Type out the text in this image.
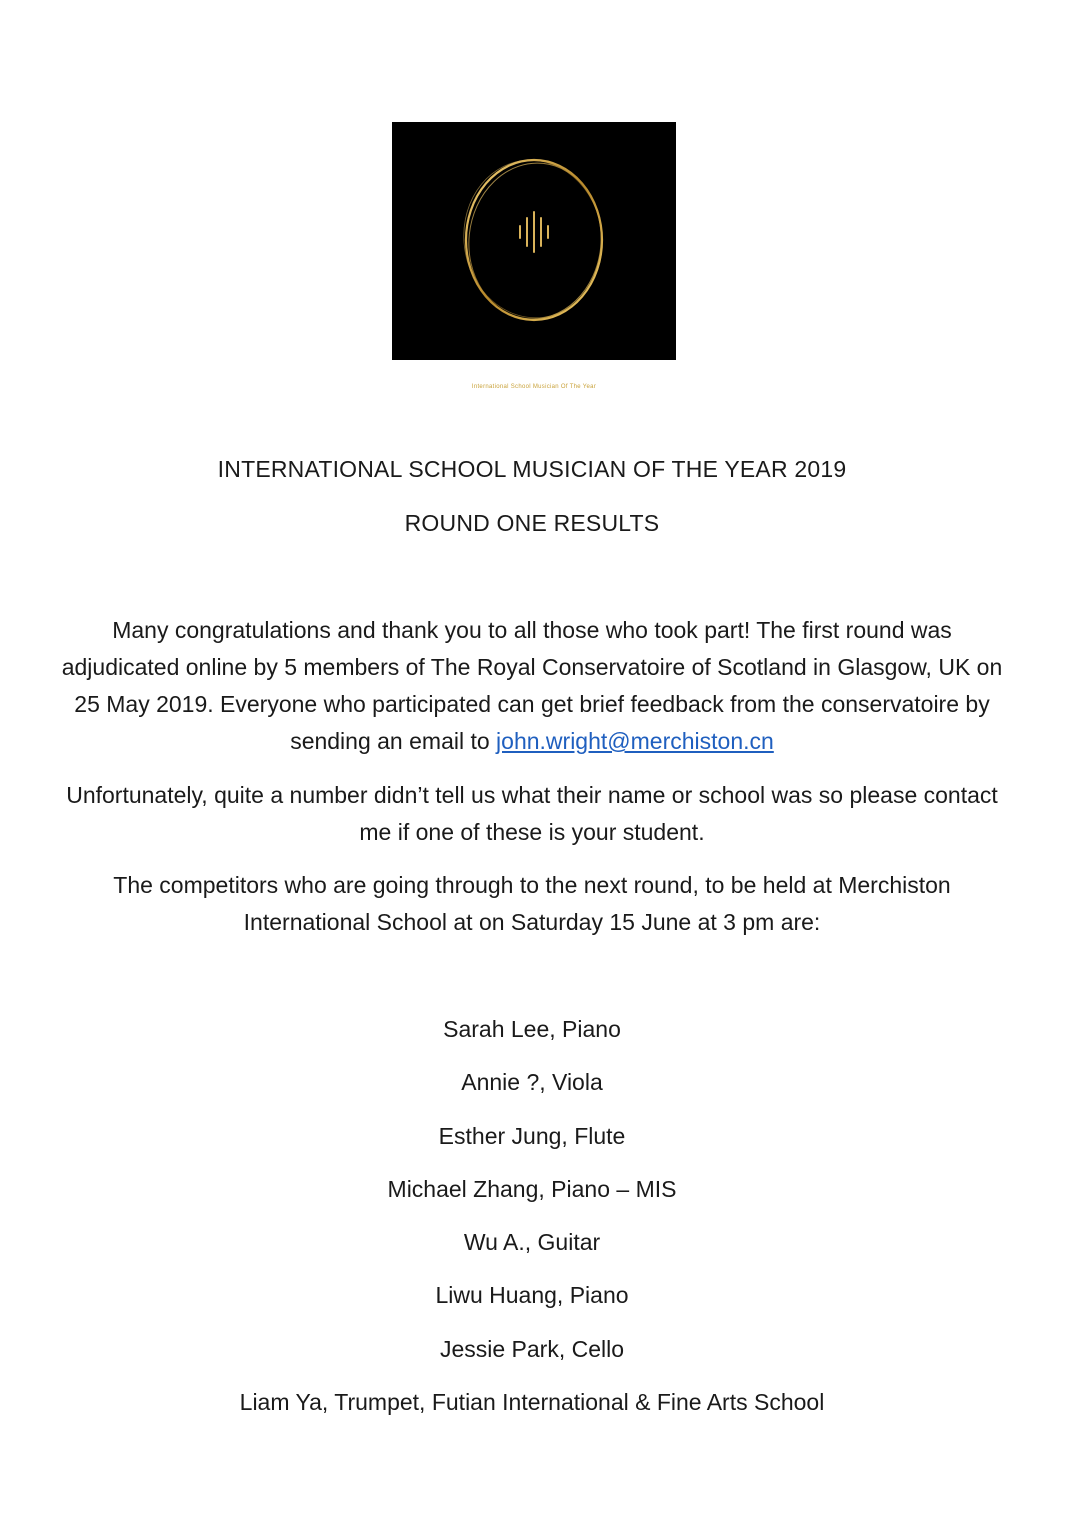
International School Musician Of The Year
INTERNATIONAL SCHOOL MUSICIAN OF THE YEAR 2019
ROUND ONE RESULTS

Many congratulations and thank you to all those who took part! The first round was adjudicated online by 5 members of The Royal Conservatoire of Scotland in Glasgow, UK on 25 May 2019. Everyone who participated can get brief feedback from the conservatoire by sending an email to john.wright@merchiston.cn

Unfortunately, quite a number didn’t tell us what their name or school was so please contact me if one of these is your student.

The competitors who are going through to the next round, to be held at Merchiston International School at on Saturday 15 June at 3 pm are:

Sarah Lee, Piano
Annie ?, Viola
Esther Jung, Flute
Michael Zhang, Piano – MIS
Wu A., Guitar
Liwu Huang, Piano
Jessie Park, Cello
Liam Ya, Trumpet, Futian International & Fine Arts School
